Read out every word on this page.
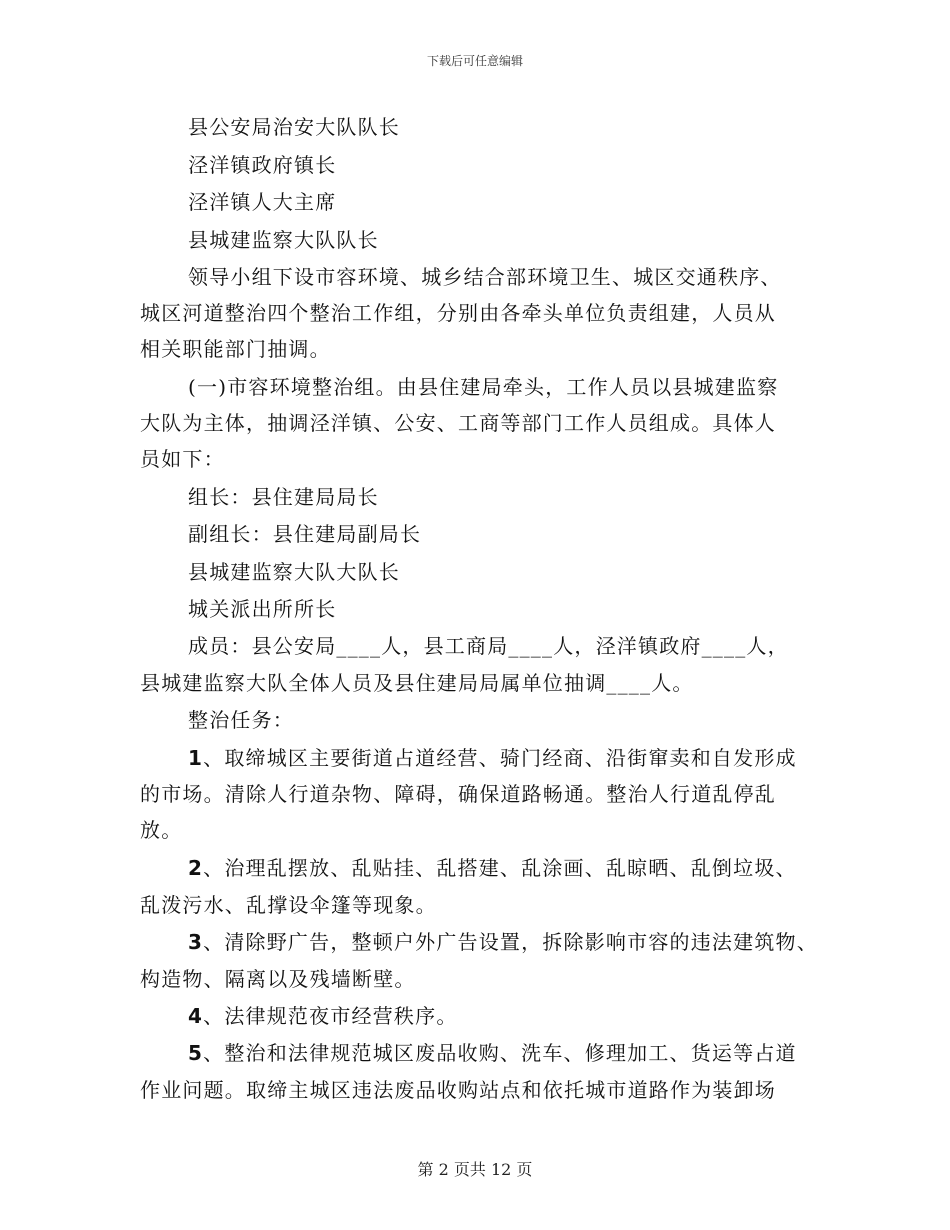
下载后可任意编辑
县公安局治安大队队长
泾洋镇政府镇长
泾洋镇人大主席
县城建监察大队队长
领导小组下设市容环境、城乡结合部环境卫生、城区交通秩序、
城区河道整治四个整治工作组，分别由各牵头单位负责组建，人员从
相关职能部门抽调。
(一)市容环境整治组。由县住建局牵头，工作人员以县城建监察
大队为主体，抽调泾洋镇、公安、工商等部门工作人员组成。具体人
员如下：
组长：县住建局局长
副组长：县住建局副局长
县城建监察大队大队长
城关派出所所长
成员：县公安局____人，县工商局____人，泾洋镇政府____人，
县城建监察大队全体人员及县住建局局属单位抽调____人。
整治任务：
1、取缔城区主要街道占道经营、骑门经商、沿街窜卖和自发形成
的市场。清除人行道杂物、障碍，确保道路畅通。整治人行道乱停乱
放。
2、治理乱摆放、乱贴挂、乱搭建、乱涂画、乱晾晒、乱倒垃圾、
乱泼污水、乱撑设伞篷等现象。
3、清除野广告，整顿户外广告设置，拆除影响市容的违法建筑物、
构造物、隔离以及残墙断壁。
4、法律规范夜市经营秩序。
5、整治和法律规范城区废品收购、洗车、修理加工、货运等占道
作业问题。取缔主城区违法废品收购站点和依托城市道路作为装卸场
第 2 页共 12 页
